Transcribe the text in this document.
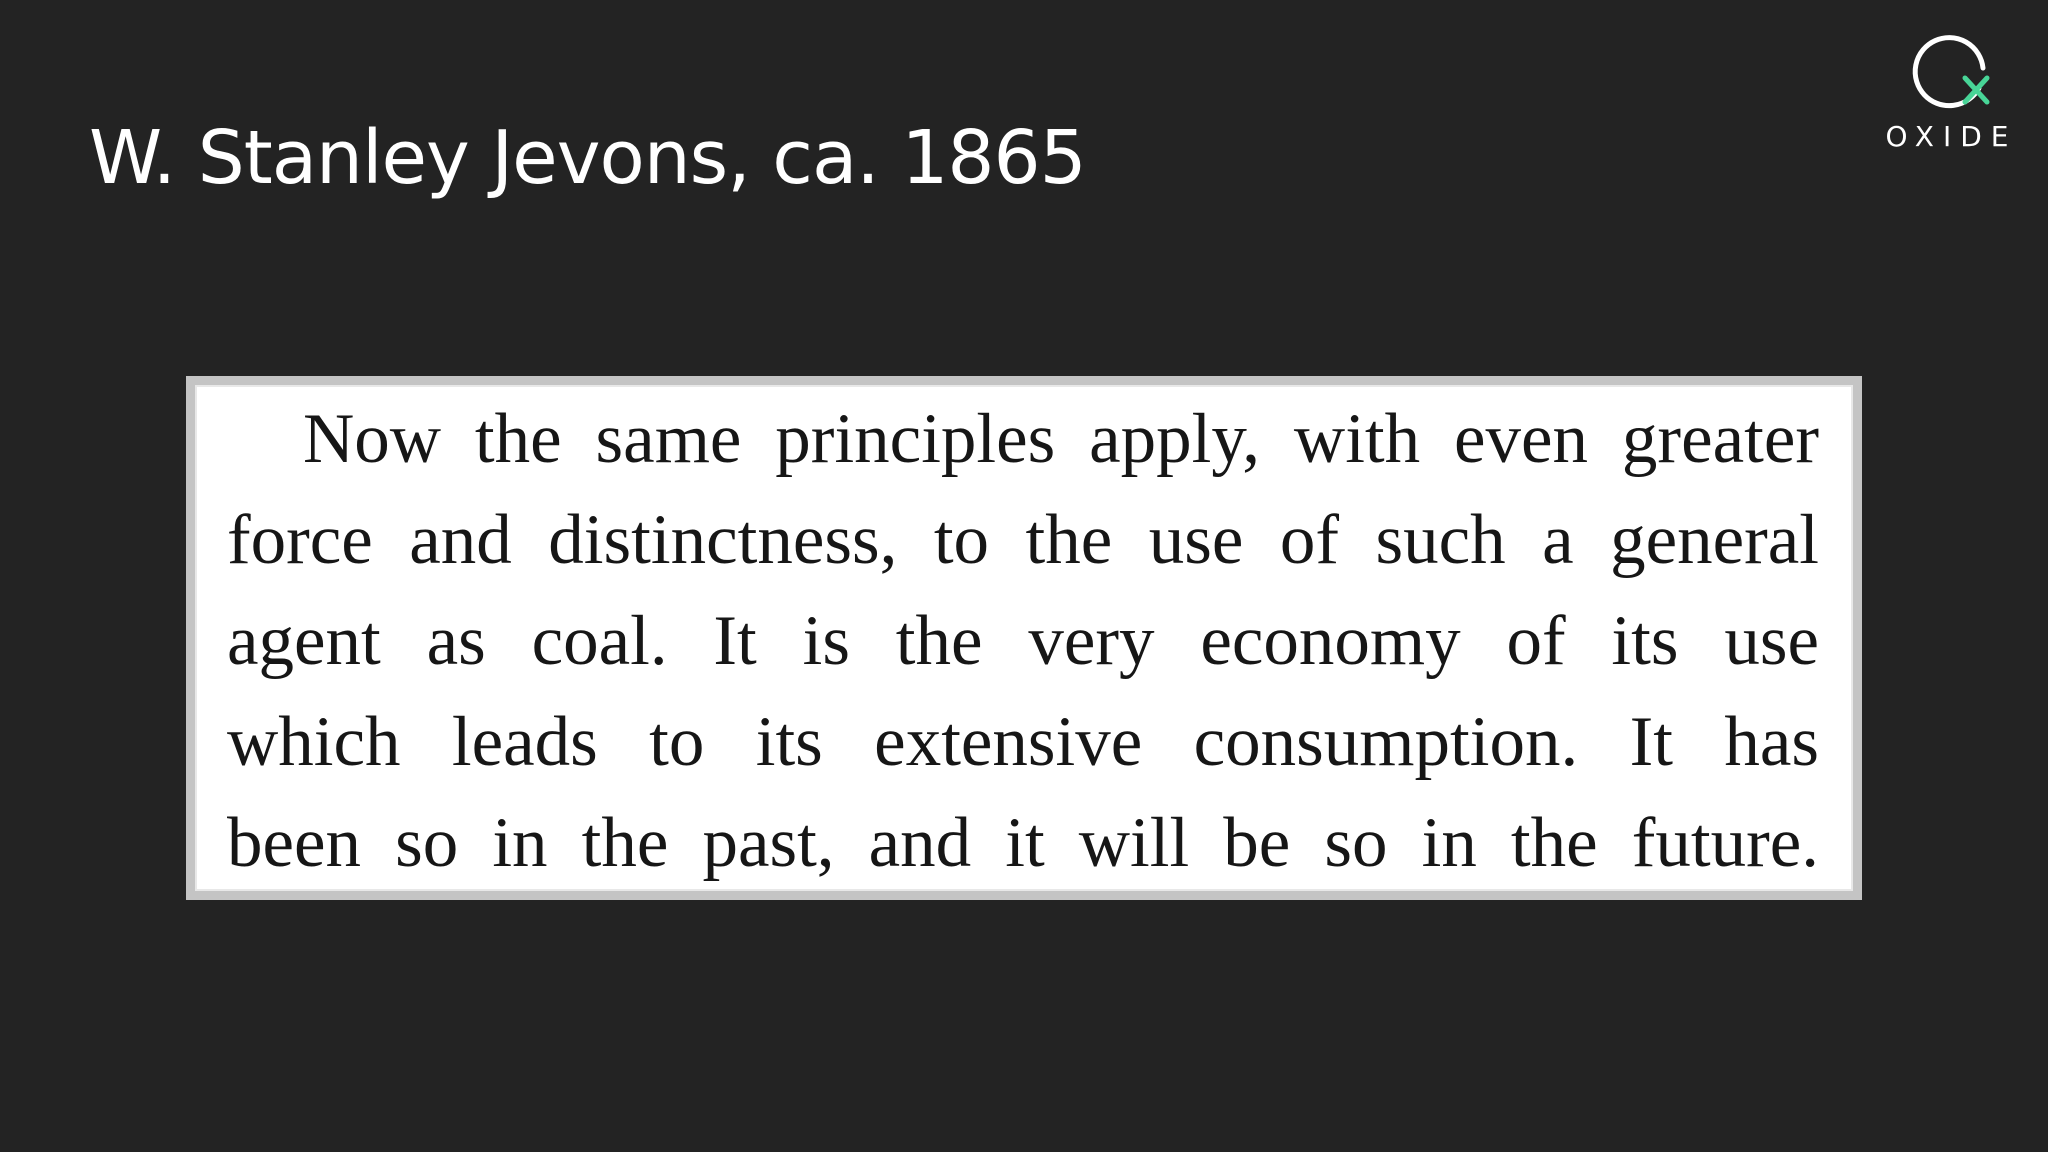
W. Stanley Jevons, ca. 1865	OXIDE

Now the same principles apply, with even greater
force and distinctness, to the use of such a general
agent as coal. It is the very economy of its use
which leads to its extensive consumption. It has
been so in the past, and it will be so in the future.
